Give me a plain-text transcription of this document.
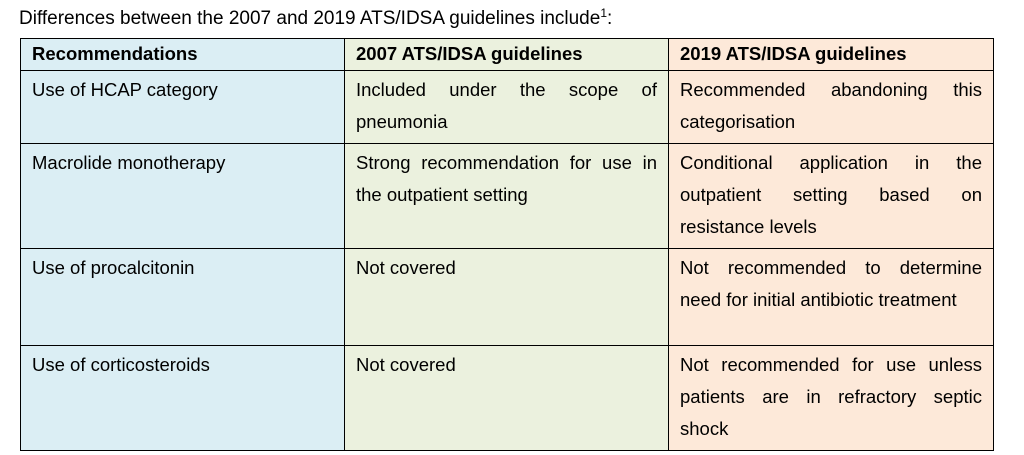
Differences between the 2007 and 2019 ATS/IDSA guidelines include$^1$:
Recommendations	2007 ATS/IDSA guidelines	2019 ATS/IDSA guidelines
Use of HCAP category	Included under the scope of pneumonia	Recommended abandoning this categorisation
Macrolide monotherapy	Strong recommendation for use in the outpatient setting	Conditional application in the outpatient setting based on resistance levels
Use of procalcitonin	Not covered	Not recommended to determine need for initial antibiotic treatment
Use of corticosteroids	Not covered	Not recommended for use unless patients are in refractory septic shock
